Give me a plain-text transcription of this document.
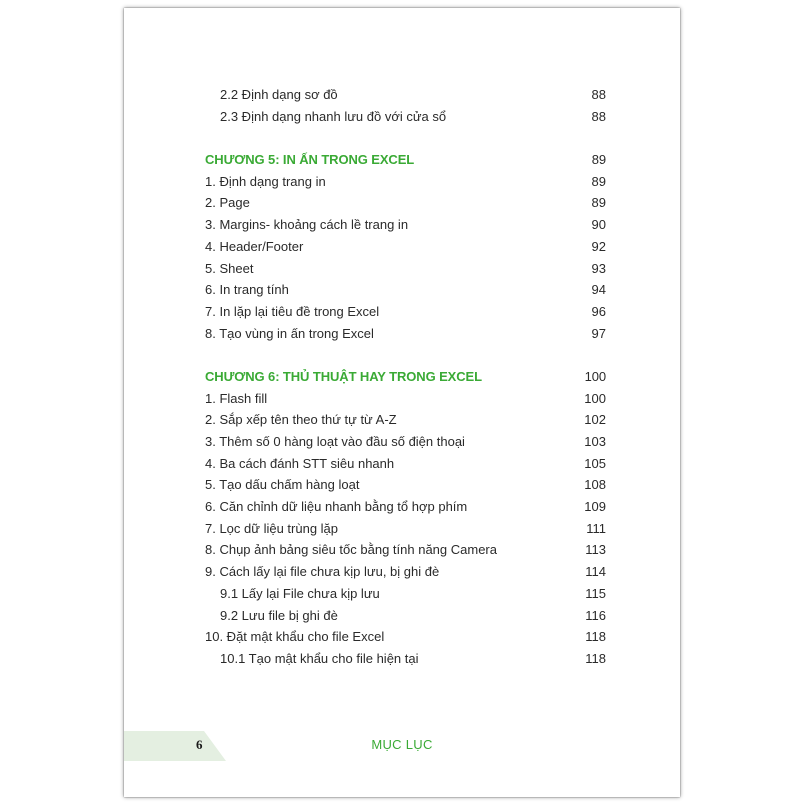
2.2 Định dạng sơ đồ	88
2.3 Định dạng nhanh lưu đồ với cửa sổ	88
CHƯƠNG 5: IN ẤN TRONG EXCEL	89
1. Định dạng trang in	89
2. Page	89
3. Margins- khoảng cách lề trang in	90
4. Header/Footer	92
5. Sheet	93
6. In trang tính	94
7. In lặp lại tiêu đề trong Excel	96
8. Tạo vùng in ấn trong Excel	97
CHƯƠNG 6: THỦ THUẬT HAY TRONG EXCEL	100
1. Flash fill	100
2. Sắp xếp tên theo thứ tự từ A-Z	102
3. Thêm số 0 hàng loạt vào đầu số điện thoại	103
4. Ba cách đánh STT siêu nhanh	105
5. Tạo dấu chấm hàng loạt	108
6. Căn chỉnh dữ liệu nhanh bằng tổ hợp phím	109
7. Lọc dữ liệu trùng lặp	111
8. Chụp ảnh bảng siêu tốc bằng tính năng Camera	113
9. Cách lấy lại file chưa kịp lưu, bị ghi đè	114
9.1 Lấy lại File chưa kịp lưu	115
9.2 Lưu file bị ghi đè	116
10. Đặt mật khẩu cho file Excel	118
10.1 Tạo mật khẩu cho file hiện tại	118
6	MỤC LỤC
